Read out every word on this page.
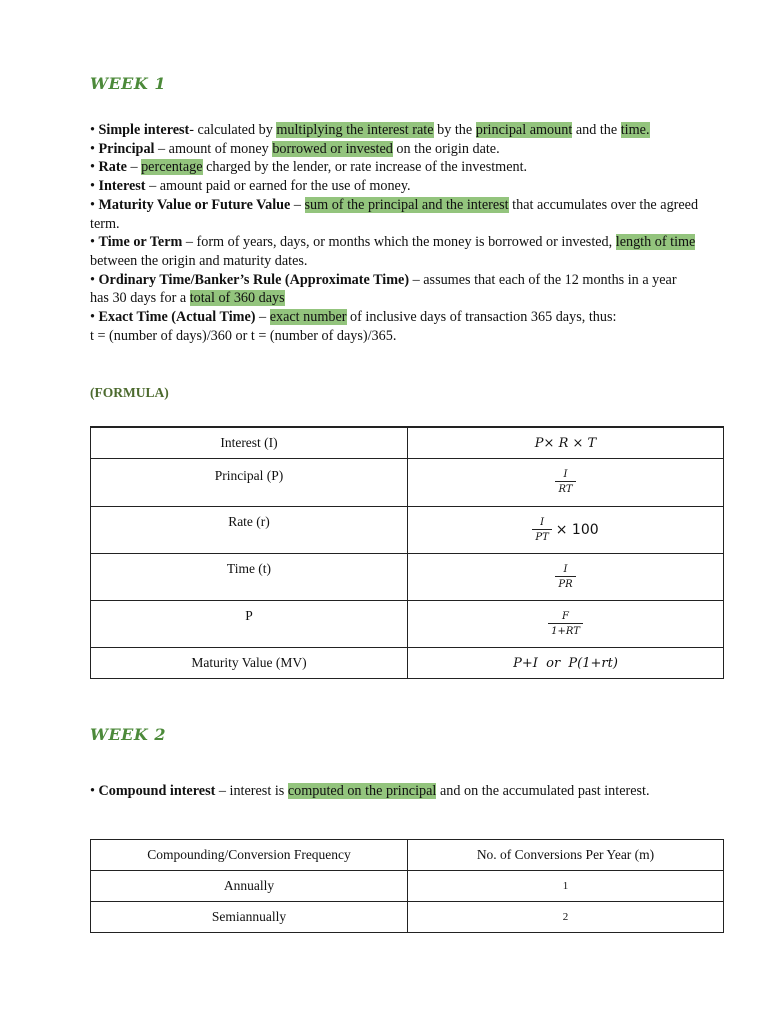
WEEK 1

• Simple interest- calculated by multiplying the interest rate by the principal amount and the time.

• Principal – amount of money borrowed or invested on the origin date.

• Rate – percentage charged by the lender, or rate increase of the investment.

• Interest – amount paid or earned for the use of money.

• Maturity Value or Future Value – sum of the principal and the interest that accumulates over the agreed term.

• Time or Term – form of years, days, or months which the money is borrowed or invested, length of time between the origin and maturity dates.

• Ordinary Time/Banker’s Rule (Approximate Time) – assumes that each of the 12 months in a year

has 30 days for a total of 360 days

• Exact Time (Actual Time) – exact number of inclusive days of transaction 365 days, thus:

t = (number of days)/360 or t = (number of days)/365.

(FORMULA)
Interest (I)	P× R × T
Principal (P)	$\frac{I}{RT}$

Rate (r)	$\frac{I}{PT} \times 100$
Time (t)	$\frac{I}{PR}$

P	$\frac{F}{1+RT}$

Maturity Value (MV)	P+I  or  P(1+rt)
WEEK 2

• Compound interest – interest is computed on the principal and on the accumulated past interest.

Compounding/Conversion Frequency	No. of Conversions Per Year (m)
Annually	1
Semiannually	2
